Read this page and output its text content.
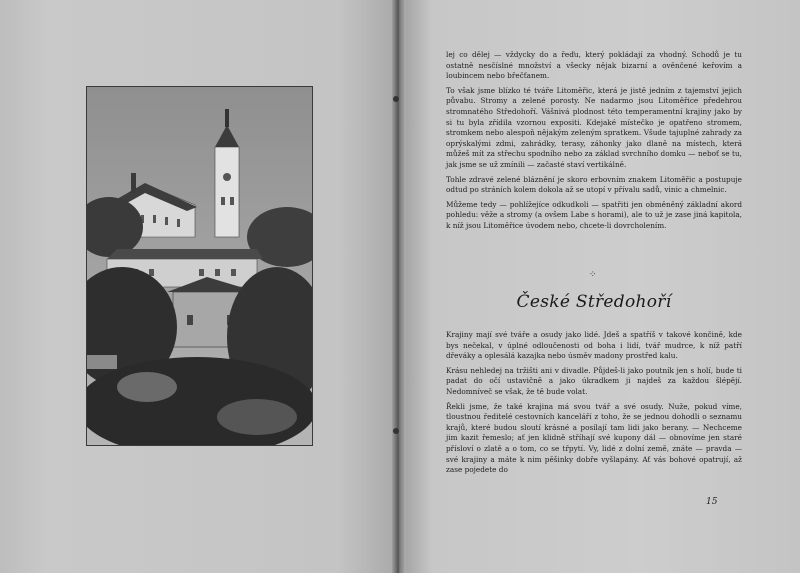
lej co dělej — vždycky do a řeďu, který pokládají za vhodný. Schodů je tu ostatně nesčíslné množství a všecky nějak bizarní a ověnčené keřovím a loubincem nebo břečťanem.

To však jsme blízko té tváře Litoměřic, která je jistě jedním z tajemství jejich půvabu. Stromy a zelené porosty. Ne nadarmo jsou Litoměřice předehrou stromnatého Středohoří. Vášnivá plodnost této temperamentní krajiny jako by si tu byla zřídila vzornou expositi. Kdejaké místečko je opatřeno stromem, stromkem nebo alespoň nějakým zeleným spratkem. Všude tajuplné zahrady za oprýskalými zdmi, zahrádky, terasy, záhonky jako dlaně na místech, která můžeš mít za střechu spodního nebo za základ svrchního domku — neboť se tu, jak jsme se už zmínili — začasté staví vertikálně.

Tohle zdravé zelené bláznění je skoro erbovním znakem Litoměřic a postupuje odtud po stráních kolem dokola až se utopí v přívalu sadů, vinic a chmelnic.

Můžeme tedy — pohlížejíce odkudkoli — spatřiti jen obměněný základní akord pohledu: věže a stromy (a ovšem Labe s horami), ale to už je zase jiná kapitola, k níž jsou Litoměřice úvodem nebo, chcete-li dovrcholením.

⁘
České Středohoří

Krajiny mají své tváře a osudy jako lidé. Jdeš a spatříš v takové končině, kde bys nečekal, v úplné odloučenosti od boha i lidí, tvář mudrce, k níž patří dřeváky a oplesálá kazajka nebo úsměv madony prostřed kalu.

Krásu nehledej na tržišti ani v divadle. Půjdeš-li jako poutník jen s holí, bude ti padat do očí ustavičně a jako úkradkem ji najdeš za každou šlépějí. Nedomníveč se však, že tě bude volat.

Řekli jsme, že také krajina má svou tvář a své osudy. Nuže, pokud víme, tloustnou ředitelé cestovních kanceláří z toho, že se jednou dohodli o seznamu krajů, které budou sloutí krásné a posílají tam lidi jako berany. — Nechceme jim kazit řemeslo; ať jen klidně stříhají své kupony dál — obnovíme jen staré přísloví o zlatě a o tom, co se třpytí. Vy, lidé z dolní země, znáte — pravda — své krajiny a máte k nim pěšinky dobře vyšlapány. Ať vás bohové opatrují, až zase pojedete do

15
